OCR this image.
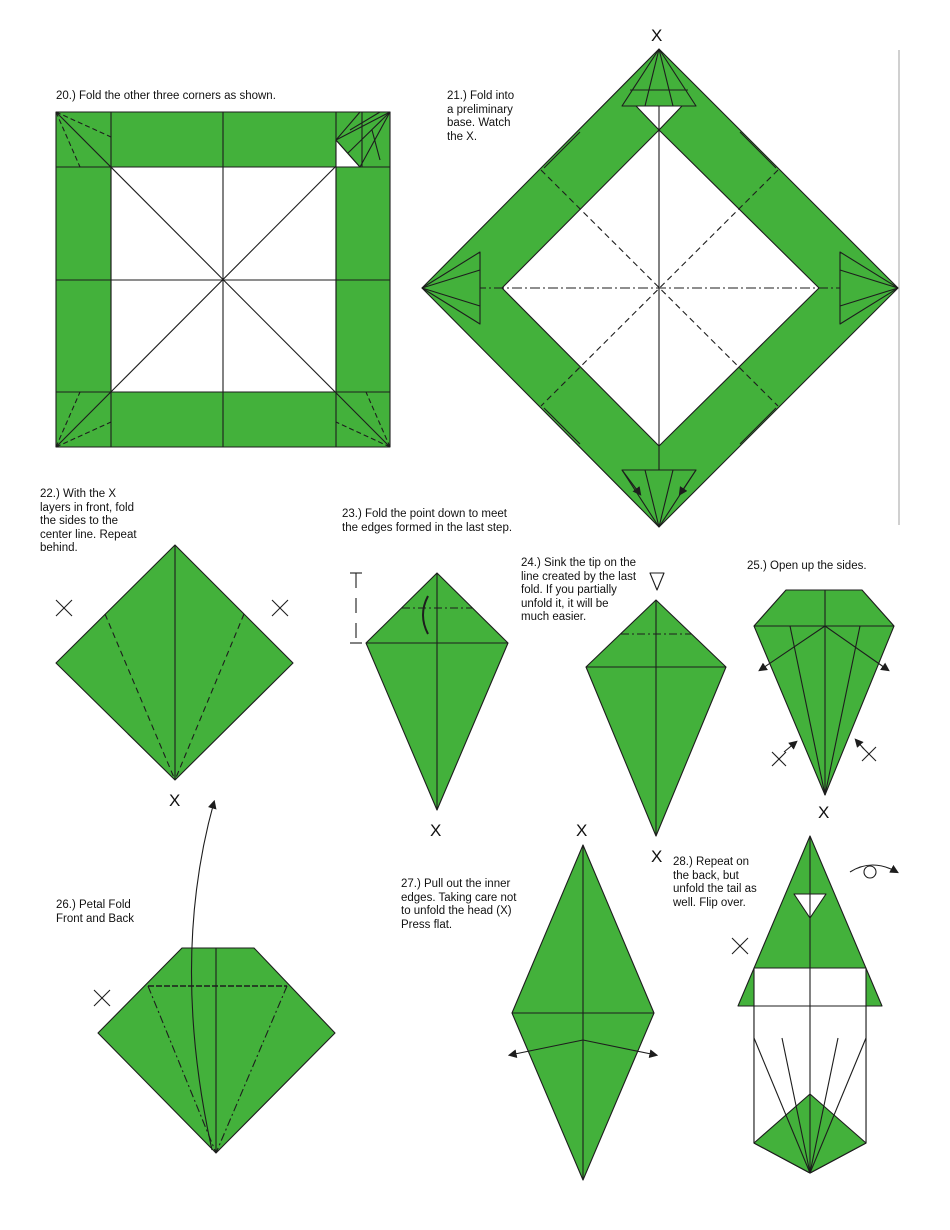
20.) Fold the other three corners as shown.	21.) Fold into
a preliminary
base. Watch
the X.

22.) With the X
layers in front, fold
the sides to the
center line. Repeat
behind.

23.) Fold the point down to meet
the edges formed in the last step.

24.) Sink the tip on the
line created by the last
fold. If you partially
unfold it, it will be
much easier.

25.) Open up the sides.

26.) Petal Fold
Front and Back

27.) Pull out the inner
edges. Taking care not
to unfold the head (X)
Press flat.

28.) Repeat on
the back, but
unfold the tail as
well. Flip over.

X
X
X
X
X
X
